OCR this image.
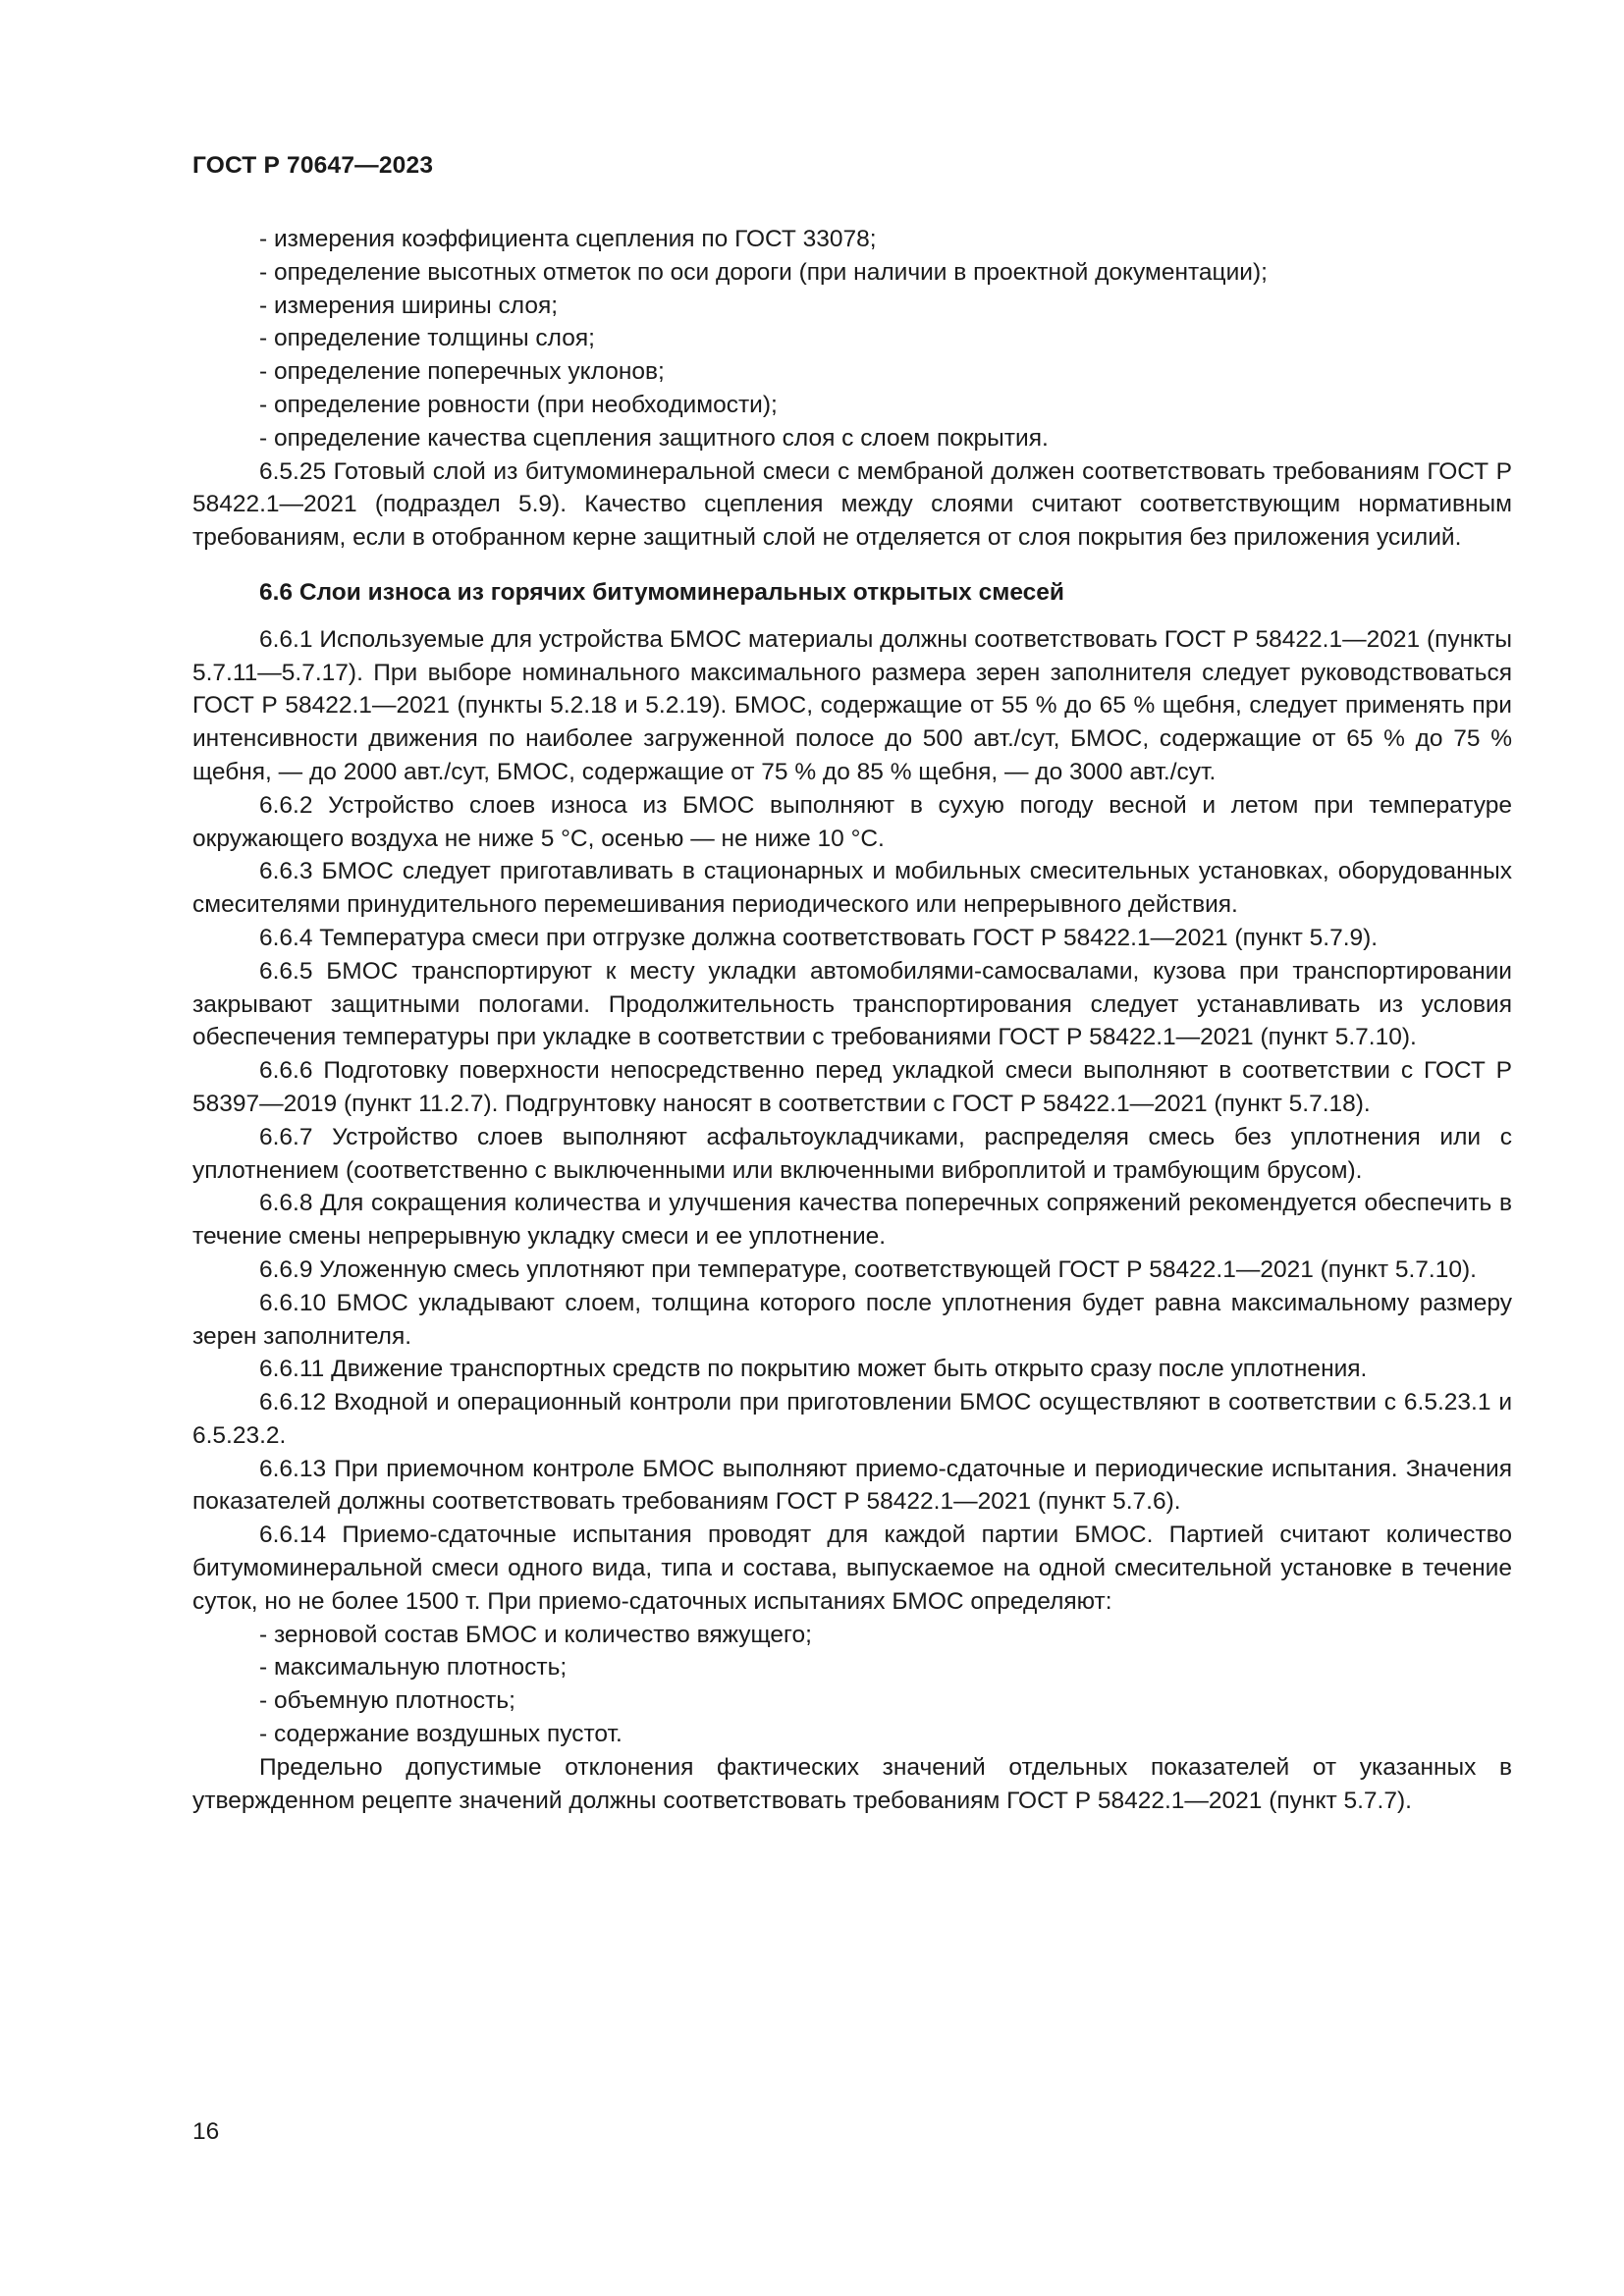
ГОСТ Р 70647—2023

- измерения коэффициента сцепления по ГОСТ 33078;

- определение высотных отметок по оси дороги (при наличии в проектной документации);

- измерения ширины слоя;

- определение толщины слоя;

- определение поперечных уклонов;

- определение ровности (при необходимости);

- определение качества сцепления защитного слоя с слоем покрытия.

6.5.25 Готовый слой из битумоминеральной смеси с мембраной должен соответствовать требованиям ГОСТ Р 58422.1—2021 (подраздел 5.9). Качество сцепления между слоями считают соответствующим нормативным требованиям, если в отобранном керне защитный слой не отделяется от слоя покрытия без приложения усилий.

6.6 Слои износа из горячих битумоминеральных открытых смесей

6.6.1 Используемые для устройства БМОС материалы должны соответствовать ГОСТ Р 58422.1—2021 (пункты 5.7.11—5.7.17). При выборе номинального максимального размера зерен заполнителя следует руководствоваться ГОСТ Р 58422.1—2021 (пункты 5.2.18 и 5.2.19). БМОС, содержащие от 55 % до 65 % щебня, следует применять при интенсивности движения по наиболее загруженной полосе до 500 авт./сут, БМОС, содержащие от 65 % до 75 % щебня, — до 2000 авт./сут, БМОС, содержащие от 75 % до 85 % щебня, — до 3000 авт./сут.

6.6.2 Устройство слоев износа из БМОС выполняют в сухую погоду весной и летом при температуре окружающего воздуха не ниже 5 °С, осенью — не ниже 10 °С.

6.6.3 БМОС следует приготавливать в стационарных и мобильных смесительных установках, оборудованных смесителями принудительного перемешивания периодического или непрерывного действия.

6.6.4 Температура смеси при отгрузке должна соответствовать ГОСТ Р 58422.1—2021 (пункт 5.7.9).

6.6.5 БМОС транспортируют к месту укладки автомобилями-самосвалами, кузова при транспортировании закрывают защитными пологами. Продолжительность транспортирования следует устанавливать из условия обеспечения температуры при укладке в соответствии с требованиями ГОСТ Р 58422.1—2021 (пункт 5.7.10).

6.6.6 Подготовку поверхности непосредственно перед укладкой смеси выполняют в соответствии с ГОСТ Р 58397—2019 (пункт 11.2.7). Подгрунтовку наносят в соответствии с ГОСТ Р 58422.1—2021 (пункт 5.7.18).

6.6.7 Устройство слоев выполняют асфальтоукладчиками, распределяя смесь без уплотнения или с уплотнением (соответственно с выключенными или включенными виброплитой и трамбующим брусом).

6.6.8 Для сокращения количества и улучшения качества поперечных сопряжений рекомендуется обеспечить в течение смены непрерывную укладку смеси и ее уплотнение.

6.6.9 Уложенную смесь уплотняют при температуре, соответствующей ГОСТ Р 58422.1—2021 (пункт 5.7.10).

6.6.10 БМОС укладывают слоем, толщина которого после уплотнения будет равна максимальному размеру зерен заполнителя.

6.6.11 Движение транспортных средств по покрытию может быть открыто сразу после уплотнения.

6.6.12 Входной и операционный контроли при приготовлении БМОС осуществляют в соответствии с 6.5.23.1 и 6.5.23.2.

6.6.13 При приемочном контроле БМОС выполняют приемо-сдаточные и периодические испытания. Значения показателей должны соответствовать требованиям ГОСТ Р 58422.1—2021 (пункт 5.7.6).

6.6.14 Приемо-сдаточные испытания проводят для каждой партии БМОС. Партией считают количество битумоминеральной смеси одного вида, типа и состава, выпускаемое на одной смесительной установке в течение суток, но не более 1500 т. При приемо-сдаточных испытаниях БМОС определяют:

- зерновой состав БМОС и количество вяжущего;

- максимальную плотность;

- объемную плотность;

- содержание воздушных пустот.

Предельно допустимые отклонения фактических значений отдельных показателей от указанных в утвержденном рецепте значений должны соответствовать требованиям ГОСТ Р 58422.1—2021 (пункт 5.7.7).

16
